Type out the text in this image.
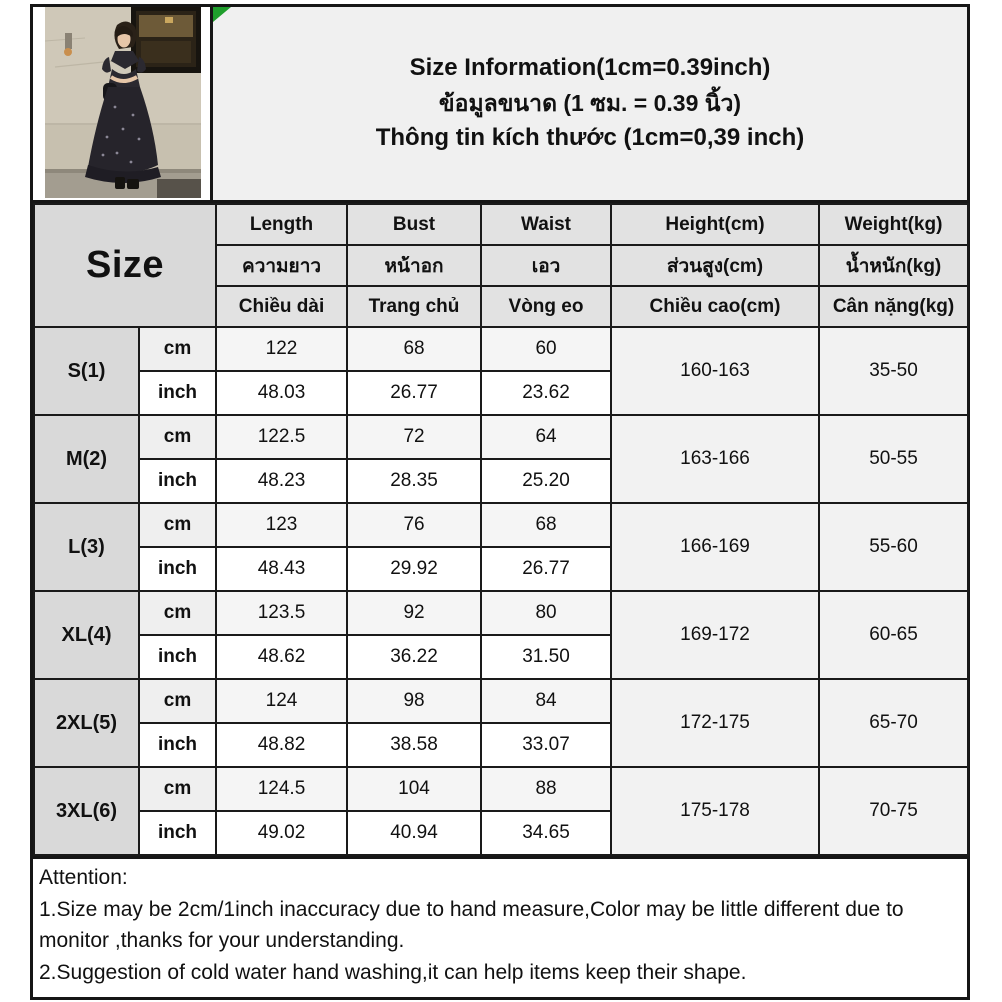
Size Information(1cm=0.39inch)
ข้อมูลขนาด (1 ซม. = 0.39 นิ้ว)
Thông tin kích thước (1cm=0,39 inch)
Size		Length	Bust	Waist	Height(cm)	Weight(kg)
		ความยาว	หน้าอก	เอว	ส่วนสูง(cm)	น้ำหนัก(kg)
		Chiều dài	Trang chủ	Vòng eo	Chiều cao(cm)	Cân nặng(kg)
S(1)	cm	122	68	60	160-163	35-50
	inch	48.03	26.77	23.62		
M(2)	cm	122.5	72	64	163-166	50-55
	inch	48.23	28.35	25.20		
L(3)	cm	123	76	68	166-169	55-60
	inch	48.43	29.92	26.77		
XL(4)	cm	123.5	92	80	169-172	60-65
	inch	48.62	36.22	31.50		
2XL(5)	cm	124	98	84	172-175	65-70
	inch	48.82	38.58	33.07		
3XL(6)	cm	124.5	104	88	175-178	70-75
	inch	49.02	40.94	34.65		
Attention:
1.Size may be 2cm/1inch inaccuracy due to hand measure,Color may be little different due to monitor ,thanks for your understanding.
2.Suggestion of cold water hand washing,it can help items keep their shape.
